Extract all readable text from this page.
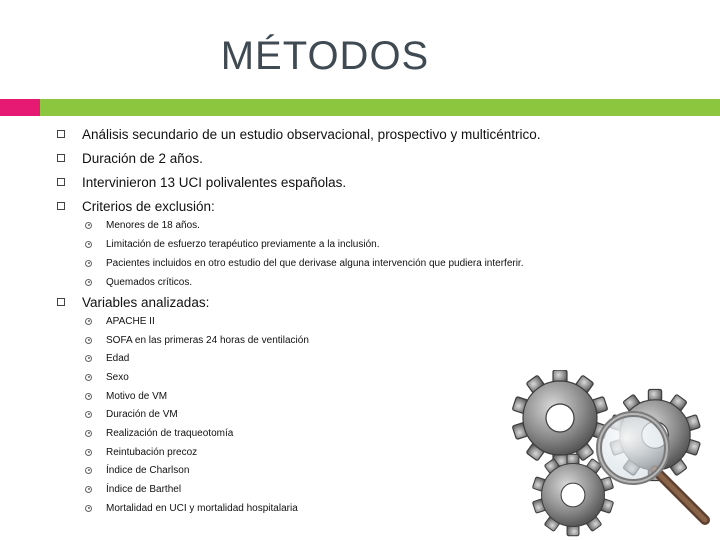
MÉTODOS
Análisis secundario de un estudio observacional, prospectivo y multicéntrico.
Duración de 2 años.
Intervinieron 13 UCI polivalentes españolas.
Criterios de exclusión:
Menores de 18 años.
Limitación de esfuerzo terapéutico previamente a la inclusión.
Pacientes incluidos en otro estudio del que derivase alguna intervención que pudiera interferir.
Quemados críticos.
Variables analizadas:
APACHE II
SOFA en las primeras 24 horas de ventilación
Edad
Sexo
Motivo de VM
Duración de VM
Realización de traqueotomía
Reintubación precoz
Índice de Charlson
Índice de Barthel
Mortalidad en UCI y mortalidad hospitalaria
